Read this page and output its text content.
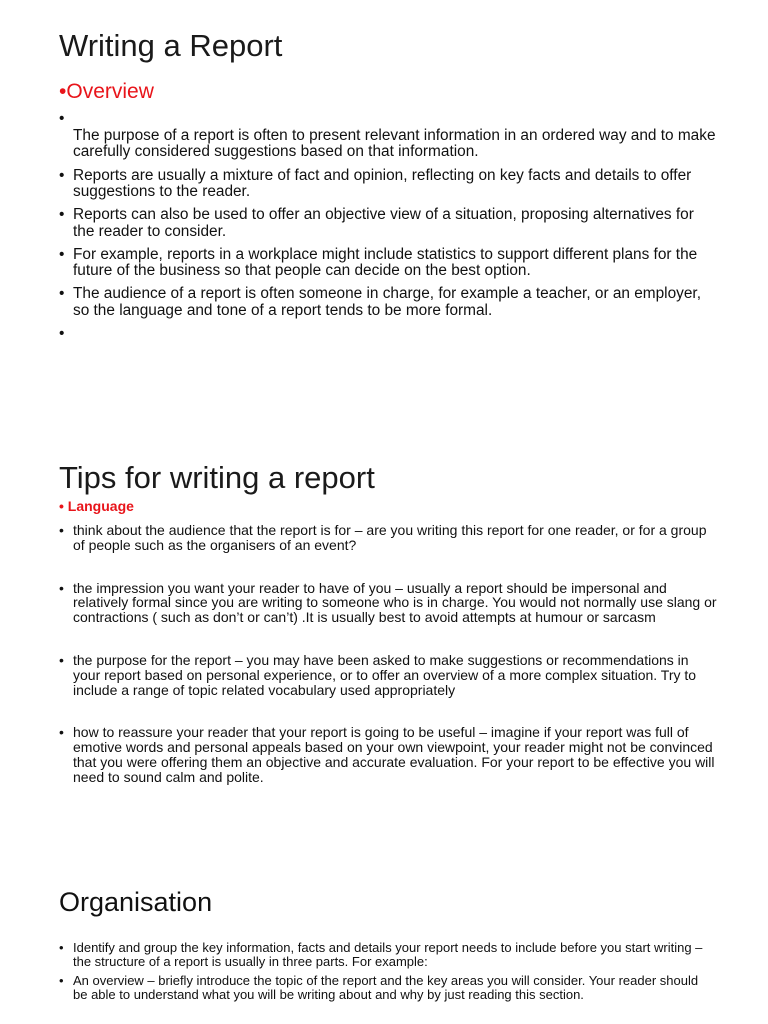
Writing a Report
• Overview
• The purpose of a report is often to present relevant information in an ordered way and to make carefully considered suggestions based on that information.
• Reports are usually a mixture of fact and opinion, reflecting on key facts and details to offer suggestions to the reader.
• Reports can also be used to offer an objective view of a situation, proposing alternatives for the reader to consider.
• For example, reports in a workplace might include statistics to support different plans for the future of the business so that people can decide on the best option.
• The audience of a report is often someone in charge, for example a teacher, or an employer, so the language and tone of a report tends to be more formal.
•
Tips for writing a report
• Language
• think about the audience that the report is for – are you writing this report for one reader, or for a group of people such as the organisers of an event?
• the impression you want your reader to have of you – usually a report should be impersonal and relatively formal since you are writing to someone who is in charge. You would not normally use slang or contractions ( such as don’t or can’t) .It is usually best to avoid attempts at humour or sarcasm
• the purpose for the report – you may have been asked to make suggestions or recommendations in your report based on personal experience, or to offer an overview of a more complex situation. Try to include a range of topic related vocabulary used appropriately
• how to reassure your reader that your report is going to be useful – imagine if your report was full of emotive words and personal appeals based on your own viewpoint, your reader might not be convinced that you were offering them an objective and accurate evaluation. For your report to be effective you will need to sound calm and polite.
Organisation
• Identify and group the key information, facts and details your report needs to include before you start writing – the structure of a report is usually in three parts. For example:
• An overview – briefly introduce the topic of the report and the key areas you will consider. Your reader should be able to understand what you will be writing about and why by just reading this section.
